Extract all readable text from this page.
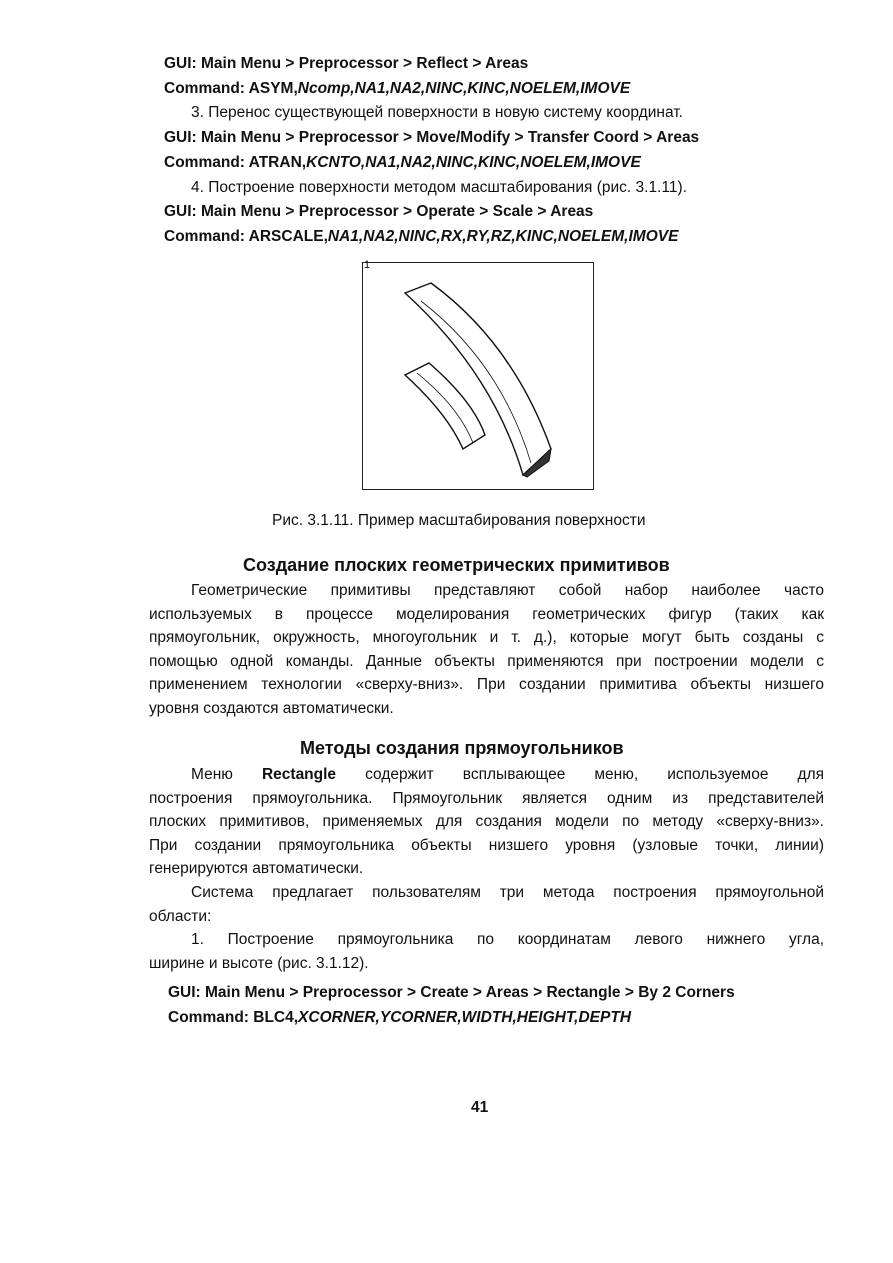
GUI: Main Menu > Preprocessor > Reflect > Areas
Command: ASYM,Ncomp,NA1,NA2,NINC,KINC,NOELEM,IMOVE
3. Перенос существующей поверхности в новую систему координат.
GUI: Main Menu > Preprocessor > Move/Modify > Transfer Coord > Areas
Command: ATRAN,KCNTO,NA1,NA2,NINC,KINC,NOELEM,IMOVE
4. Построение поверхности методом масштабирования (рис. 3.1.11).
GUI: Main Menu > Preprocessor > Operate > Scale > Areas
Command: ARSCALE,NA1,NA2,NINC,RX,RY,RZ,KINC,NOELEM,IMOVE
1
Рис. 3.1.11. Пример масштабирования поверхности
Создание плоских геометрических примитивов
Геометрические примитивы представляют собой набор наиболее часто
используемых в процессе моделирования геометрических фигур (таких как
прямоугольник, окружность, многоугольник и т. д.), которые могут быть созданы с
помощью одной команды. Данные объекты применяются при построении модели с
применением технологии «сверху-вниз». При создании примитива объекты низшего
уровня создаются автоматически.
Методы создания прямоугольников
Меню Rectangle содержит всплывающее меню, используемое для
построения прямоугольника. Прямоугольник является одним из представителей
плоских примитивов, применяемых для создания модели по методу «сверху-вниз».
При создании прямоугольника объекты низшего уровня (узловые точки, линии)
генерируются автоматически.
Система предлагает пользователям три метода построения прямоугольной
области:
1. Построение прямоугольника по координатам левого нижнего угла,
ширине и высоте (рис. 3.1.12).
GUI: Main Menu > Preprocessor > Create > Areas > Rectangle > By 2 Corners
Command: BLC4,XCORNER,YCORNER,WIDTH,HEIGHT,DEPTH
41
